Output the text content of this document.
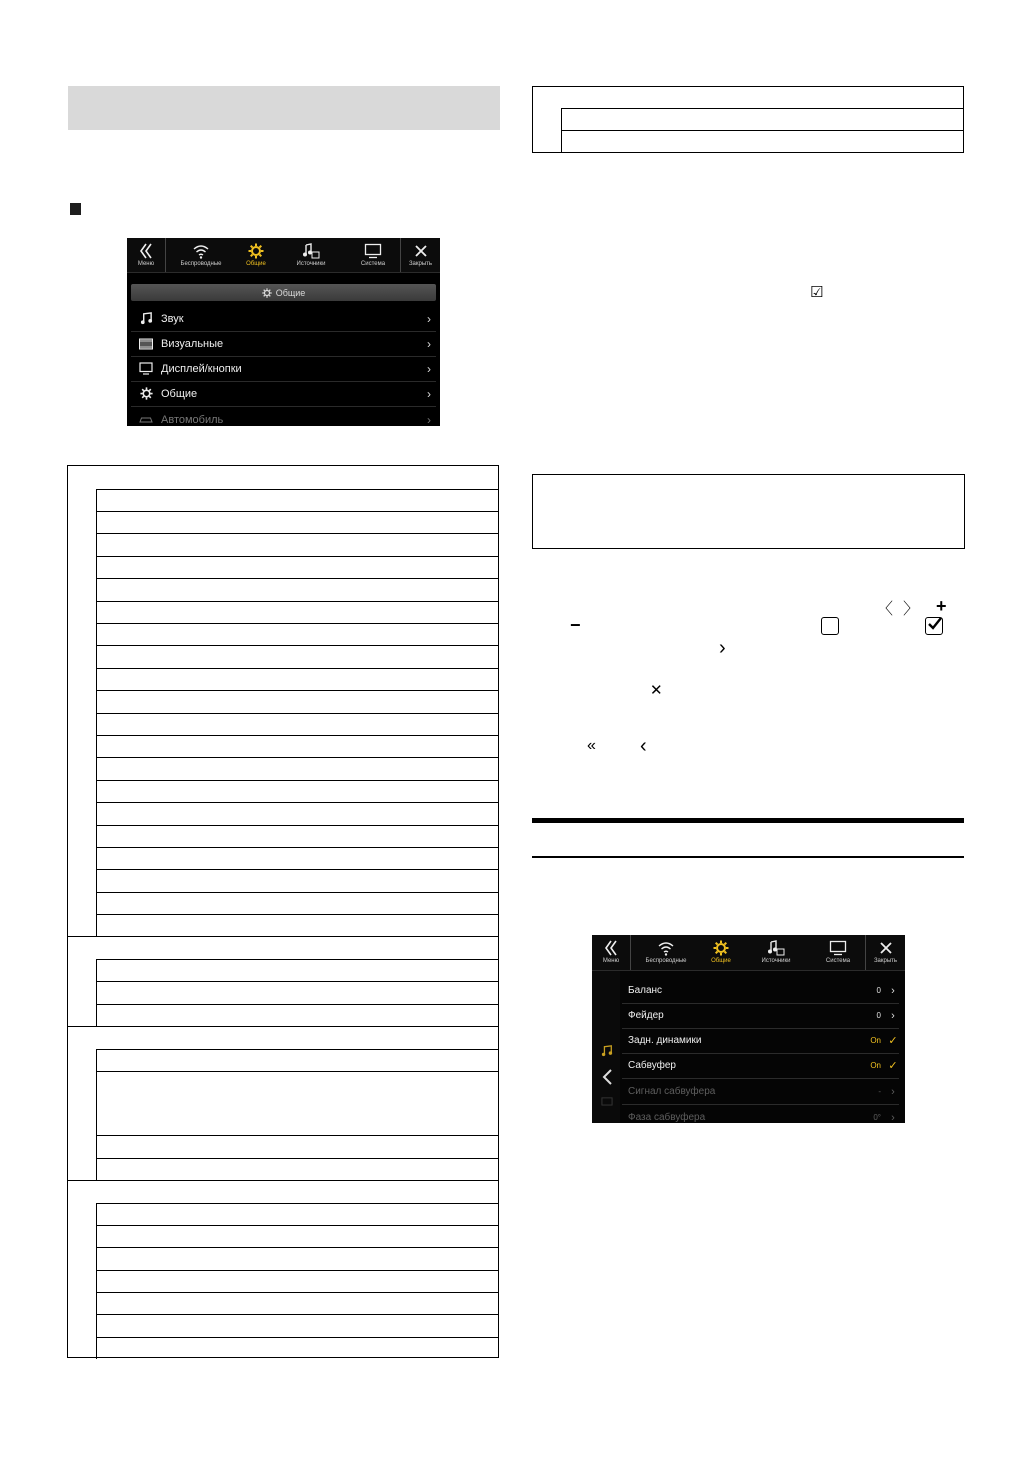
Меню	Беспроводные	Общие	Источники	Система	Закрыть
Общие
Звук	›
Визуальные	›
Дисплей/кнопки	›
Общие	›
Автомобиль	›
☑
〈 〉 +
−
›
✕
« ‹
Меню	Беспроводные	Общие	Источники	Система	Закрыть
Баланс	0 ›
Фейдер	0 ›
Задн. динамики	On ✓
Сабвуфер	On ✓
Сигнал сабвуфера	- ›
Фаза сабвуфера	0° ›
